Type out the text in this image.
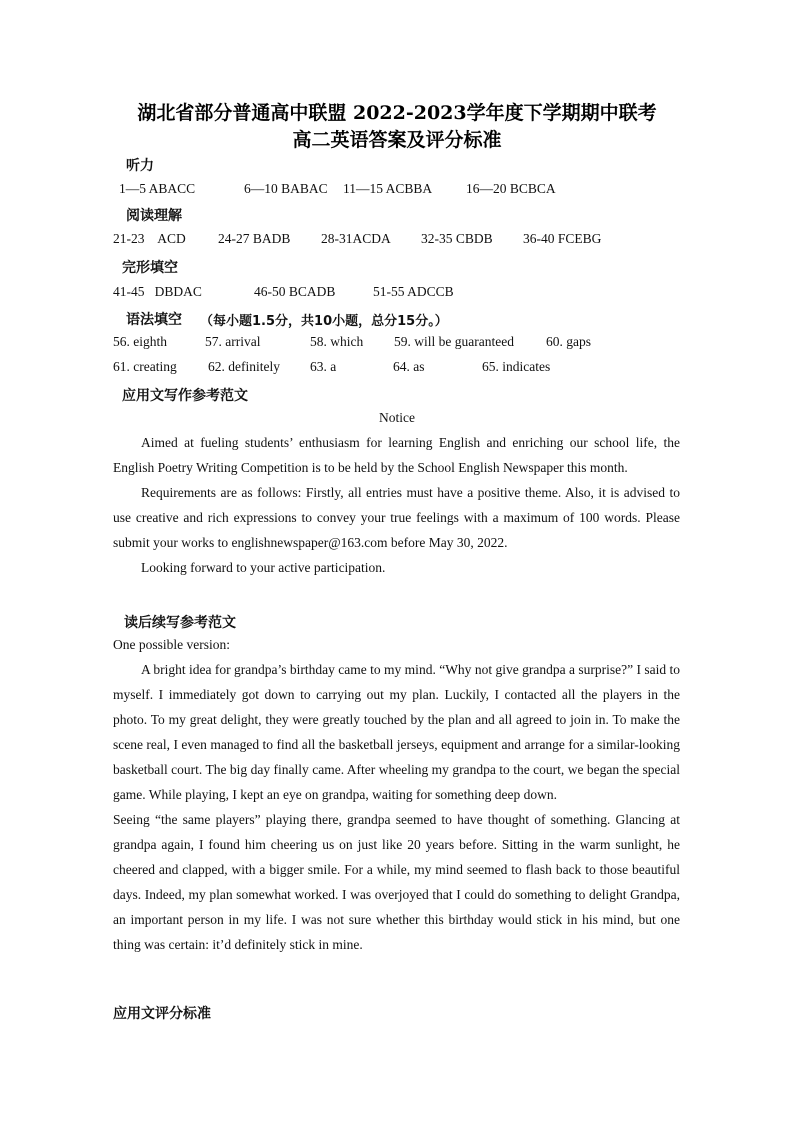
湖北省部分普通高中联盟 2022-2023学年度下学期期中联考
高二英语答案及评分标准
听力
1—5 ABACC	6—10 BABAC 11—15 ACBBA	16—20 BCBCA
阅读理解
21-23    ACD 24-27 BADB 28-31ACDA 32-35 CBDB 36-40 FCEBG
完形填空
41-45   DBDAC	46-50 BCADB	51-55 ADCCB
语法填空 （每小题1.5分，共10小题，总分15分。）
56. eighth	57. arrival	58. which 59. will be guaranteed 60. gaps
61. creating 62. definitely 63. a	64. as	65. indicates
应用文写作参考范文
Notice

Aimed at fueling students’ enthusiasm for learning English and enriching our school life, the English Poetry Writing Competition is to be held by the School English Newspaper this month.

Requirements are as follows: Firstly, all entries must have a positive theme. Also, it is advised to use creative and rich expressions to convey your true feelings with a maximum of 100 words. Please submit your works to englishnewspaper@163.com before May 30, 2022.

Looking forward to your active participation.

读后续写参考范文
One possible version:

A bright idea for grandpa’s birthday came to my mind. “Why not give grandpa a surprise?” I said to myself. I immediately got down to carrying out my plan. Luckily, I contacted all the players in the photo. To my great delight, they were greatly touched by the plan and all agreed to join in. To make the scene real, I even managed to find all the basketball jerseys, equipment and arrange for a similar-looking basketball court. The big day finally came. After wheeling my grandpa to the court, we began the special game. While playing, I kept an eye on grandpa, waiting for something deep down.

Seeing “the same players” playing there, grandpa seemed to have thought of something. Glancing at grandpa again, I found him cheering us on just like 20 years before. Sitting in the warm sunlight, he cheered and clapped, with a bigger smile. For a while, my mind seemed to flash back to those beautiful days. Indeed, my plan somewhat worked. I was overjoyed that I could do something to delight Grandpa, an important person in my life. I was not sure whether this birthday would stick in his mind, but one thing was certain: it’d definitely stick in mine.

应用文评分标准
